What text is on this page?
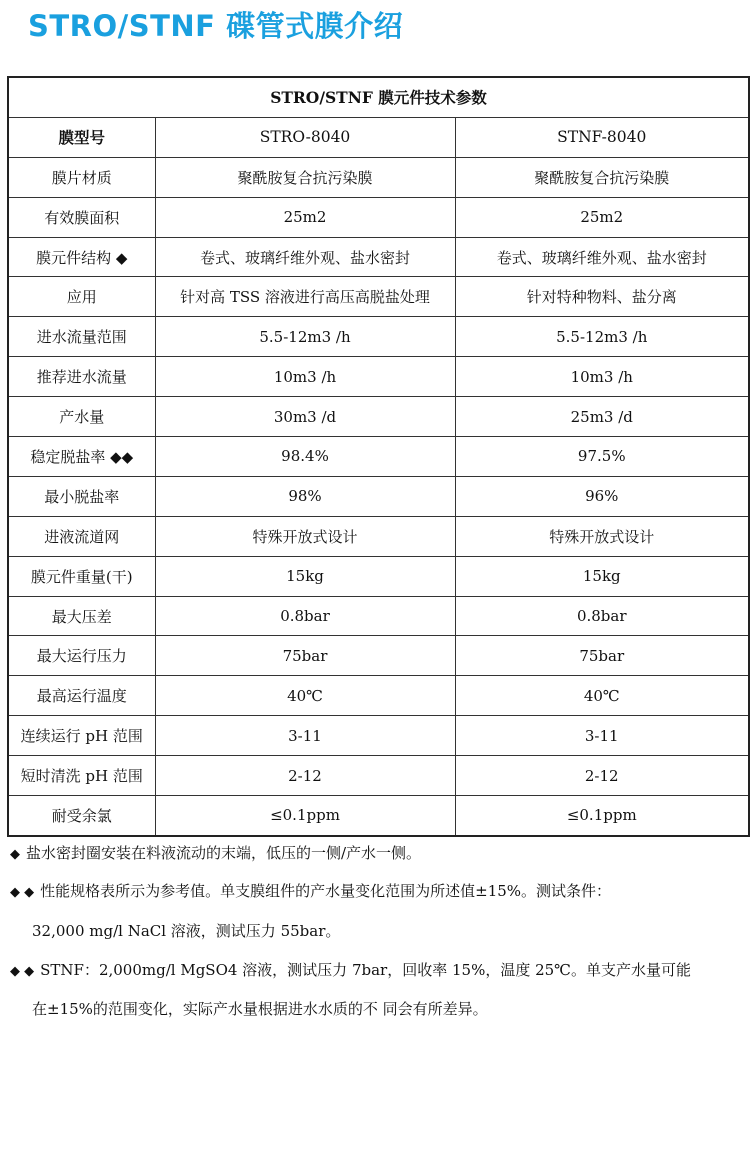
STRO/STNF 碟管式膜介绍
STRO/STNF 膜元件技术参数		
膜型号	STRO-8040	STNF-8040
膜片材质	聚酰胺复合抗污染膜	聚酰胺复合抗污染膜
有效膜面积	25m2	25m2
膜元件结构 ◆	卷式、玻璃纤维外观、盐水密封	卷式、玻璃纤维外观、盐水密封
应用	针对高 TSS 溶液进行高压高脱盐处理	针对特种物料、盐分离
进水流量范围	5.5-12m3 /h	5.5-12m3 /h
推荐进水流量	10m3 /h	10m3 /h
产水量	30m3 /d	25m3 /d
稳定脱盐率 ◆◆	98.4%	97.5%
最小脱盐率	98%	96%
进液流道网	特殊开放式设计	特殊开放式设计
膜元件重量(干)	15kg	15kg
最大压差	0.8bar	0.8bar
最大运行压力	75bar	75bar
最高运行温度	40℃	40℃
连续运行 pH 范围	3-11	3-11
短时清洗 pH 范围	2-12	2-12
耐受余氯	≤0.1ppm	≤0.1ppm
◆ 盐水密封圈安装在料液流动的末端，低压的一侧/产水一侧。
◆ ◆ 性能规格表所示为参考值。单支膜组件的产水量变化范围为所述值±15%。测试条件：
32,000 mg/l NaCl 溶液，测试压力 55bar。
◆ ◆ STNF：2,000mg/l MgSO4 溶液，测试压力 7bar，回收率 15%，温度 25℃。单支产水量可能
在±15%的范围变化，实际产水量根据进水水质的不 同会有所差异。
